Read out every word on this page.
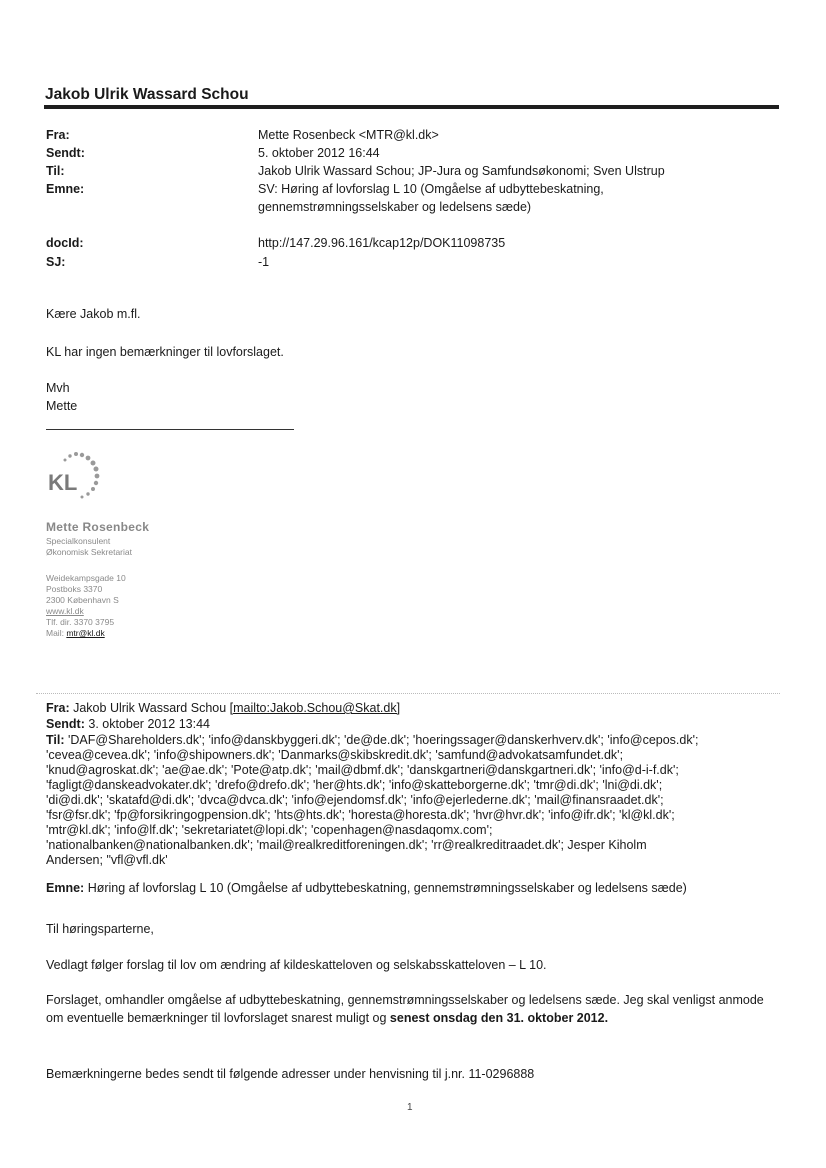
Jakob Ulrik Wassard Schou
Fra:	Mette Rosenbeck <MTR@kl.dk>
Sendt:	5. oktober 2012 16:44
Til:	Jakob Ulrik Wassard Schou; JP-Jura og Samfundsøkonomi; Sven Ulstrup
Emne:	SV: Høring af lovforslag L 10 (Omgåelse af udbyttebeskatning,
gennemstrømningsselskaber og ledelsens sæde)
docId:	http://147.29.96.161/kcap12p/DOK11098735
SJ:	-1
Kære Jakob m.fl.
KL har ingen bemærkninger til lovforslaget.
Mvh
Mette
KL
Mette Rosenbeck
Specialkonsulent
Økonomisk Sekretariat
Weidekampsgade 10
Postboks 3370
2300 København S
www.kl.dk
Tlf. dir. 3370 3795
Mail: mtr@kl.dk
Fra: Jakob Ulrik Wassard Schou [mailto:Jakob.Schou@Skat.dk]
Sendt: 3. oktober 2012 13:44
Til: 'DAF@Shareholders.dk'; 'info@danskbyggeri.dk'; 'de@de.dk'; 'hoeringssager@danskerhverv.dk'; 'info@cepos.dk';
'cevea@cevea.dk'; 'info@shipowners.dk'; 'Danmarks@skibskredit.dk'; 'samfund@advokatsamfundet.dk';
'knud@agroskat.dk'; 'ae@ae.dk'; 'Pote@atp.dk'; 'mail@dbmf.dk'; 'danskgartneri@danskgartneri.dk'; 'info@d-i-f.dk';
'fagligt@danskeadvokater.dk'; 'drefo@drefo.dk'; 'her@hts.dk'; 'info@skatteborgerne.dk'; 'tmr@di.dk'; 'lni@di.dk';
'di@di.dk'; 'skatafd@di.dk'; 'dvca@dvca.dk'; 'info@ejendomsf.dk'; 'info@ejerlederne.dk'; 'mail@finansraadet.dk';
'fsr@fsr.dk'; 'fp@forsikringogpension.dk'; 'hts@hts.dk'; 'horesta@horesta.dk'; 'hvr@hvr.dk'; 'info@ifr.dk'; 'kl@kl.dk';
'mtr@kl.dk'; 'info@lf.dk'; 'sekretariatet@lopi.dk'; 'copenhagen@nasdaqomx.com';
'nationalbanken@nationalbanken.dk'; 'mail@realkreditforeningen.dk'; 'rr@realkreditraadet.dk'; Jesper Kiholm
Andersen; "vfl@vfl.dk'
Emne: Høring af lovforslag L 10 (Omgåelse af udbyttebeskatning, gennemstrømningsselskaber og ledelsens sæde)
Til høringsparterne,
Vedlagt følger forslag til lov om ændring af kildeskatteloven og selskabsskatteloven – L 10.
Forslaget, omhandler omgåelse af udbyttebeskatning, gennemstrømningsselskaber og ledelsens sæde. Jeg skal venligst anmode om eventuelle bemærkninger til lovforslaget snarest muligt og senest onsdag den 31. oktober 2012.
Bemærkningerne bedes sendt til følgende adresser under henvisning til j.nr. 11-0296888
1
